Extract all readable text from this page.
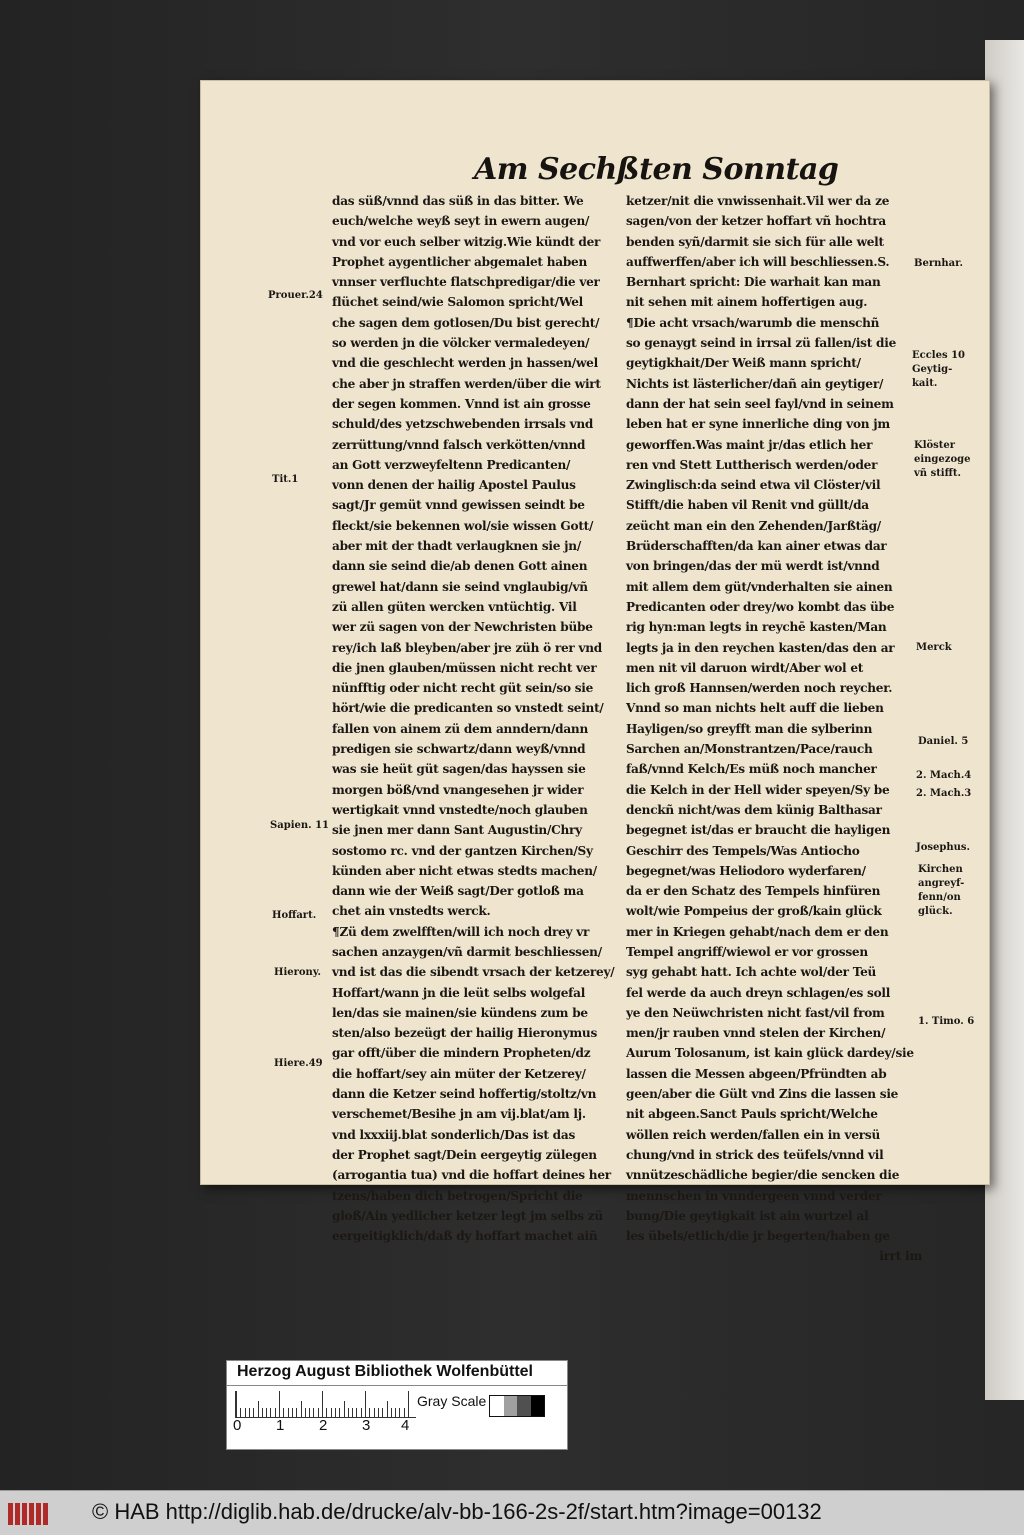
Am Sechßten Sonntag
das süß/vnnd das süß in das bitter. We
euch/welche weyß seyt in ewern augen/
vnd vor euch selber witzig.Wie kündt der
Prophet aygentlicher abgemalet haben
vnnser verfluchte flatschpredigar/die ver
flüchet seind/wie Salomon spricht/Wel
che sagen dem gotlosen/Du bist gerecht/
so werden jn die völcker vermaledeyen/
vnd die geschlecht werden jn hassen/wel
che aber jn straffen werden/über die wirt
der segen kommen. Vnnd ist ain grosse
schuld/des yetzschwebenden irrsals vnd
zerrüttung/vnnd falsch verkötten/vnnd
an Gott verzweyfeltenn Predicanten/
vonn denen der hailig Apostel Paulus
sagt/Jr gemüt vnnd gewissen seindt be
fleckt/sie bekennen wol/sie wissen Gott/
aber mit der thadt verlaugknen sie jn/
dann sie seind die/ab denen Gott ainen
grewel hat/dann sie seind vnglaubig/vñ
zü allen güten wercken vntüchtig. Vil
wer zü sagen von der Newchristen bübe
rey/ich laß bleyben/aber jre züh ö rer vnd
die jnen glauben/müssen nicht recht ver
nünfftig oder nicht recht güt sein/so sie
hört/wie die predicanten so vnstedt seint/
fallen von ainem zü dem anndern/dann
predigen sie schwartz/dann weyß/vnnd
was sie heüt güt sagen/das hayssen sie
morgen böß/vnd vnangesehen jr wider
wertigkait vnnd vnstedte/noch glauben
sie jnen mer dann Sant Augustin/Chry
sostomo rc. vnd der gantzen Kirchen/Sy
künden aber nicht etwas stedts machen/
dann wie der Weiß sagt/Der gotloß ma
chet ain vnstedts werck.
¶Zü dem zwelfften/will ich noch drey vr
sachen anzaygen/vñ darmit beschliessen/
vnd ist das die sibendt vrsach der ketzerey/
Hoffart/wann jn die leüt selbs wolgefal
len/das sie mainen/sie kündens zum be
sten/also bezeügt der hailig Hieronymus
gar offt/über die mindern Propheten/dz
die hoffart/sey ain müter der Ketzerey/
dann die Ketzer seind hoffertig/stoltz/vn
verschemet/Besihe jn am vij.blat/am lj.
vnd lxxxiij.blat sonderlich/Das ist das
der Prophet sagt/Dein eergeytig zülegen
(arrogantia tua) vnd die hoffart deines her
tzens/haben dich betrogen/Spricht die
gloß/Ain yedlicher ketzer legt jm selbs zü
eergeitigklich/daß dy hoffart machet aiñ
ketzer/nit die vnwissenhait.Vil wer da ze
sagen/von der ketzer hoffart vñ hochtra
benden syñ/darmit sie sich für alle welt
auffwerffen/aber ich will beschliessen.S.
Bernhart spricht: Die warhait kan man
nit sehen mit ainem hoffertigen aug.
¶Die acht vrsach/warumb die menschñ
so genaygt seind in irrsal zü fallen/ist die
geytigkhait/Der Weiß mann spricht/
Nichts ist lästerlicher/dañ ain geytiger/
dann der hat sein seel fayl/vnd in seinem
leben hat er syne innerliche ding von jm
geworffen.Was maint jr/das etlich her
ren vnd Stett Luttherisch werden/oder
Zwinglisch:da seind etwa vil Clöster/vil
Stifft/die haben vil Renit vnd güllt/da
zeücht man ein den Zehenden/Jarßtäg/
Brüderschafften/da kan ainer etwas dar
von bringen/das der mü werdt ist/vnnd
mit allem dem güt/vnderhalten sie ainen
Predicanten oder drey/wo kombt das übe
rig hyn:man legts in reychē kasten/Man
legts ja in den reychen kasten/das den ar
men nit vil daruon wirdt/Aber wol et
lich groß Hannsen/werden noch reycher.
Vnnd so man nichts helt auff die lieben
Hayligen/so greyfft man die sylberinn
Sarchen an/Monstrantzen/Pace/rauch
faß/vnnd Kelch/Es müß noch mancher
die Kelch in der Hell wider speyen/Sy be
denckñ nicht/was dem künig Balthasar
begegnet ist/das er braucht die hayligen
Geschirr des Tempels/Was Antiocho
begegnet/was Heliodoro wyderfaren/
da er den Schatz des Tempels hinfüren
wolt/wie Pompeius der groß/kain glück
mer in Kriegen gehabt/nach dem er den
Tempel angriff/wiewol er vor grossen
syg gehabt hatt. Ich achte wol/der Teü
fel werde da auch dreyn schlagen/es soll
ye den Neüwchristen nicht fast/vil from
men/jr rauben vnnd stelen der Kirchen/
Aurum Tolosanum, ist kain glück dardey/sie
lassen die Messen abgeen/Pfründten ab
geen/aber die Gült vnd Zins die lassen sie
nit abgeen.Sanct Pauls spricht/Welche
wöllen reich werden/fallen ein in versü
chung/vnd in strick des teüfels/vnnd vil
vnnützeschädliche begier/die sencken die
mennschen in vnndergeen vnnd verder
bung/Die geytigkait ist ain wurtzel al
les übels/etlich/die jr begerten/haben ge
irrt im
Prouer.24
Tit.1
Sapien. 11
Hoffart.
Hierony.
Hiere.49
Bernhar.
Eccles 10
Geytig-
kait.
Klöster
eingezoge
vñ stifft.
Merck
Daniel. 5
2. Mach.4
2. Mach.3
Josephus.
Kirchen
angreyf-
fenn/on
glück.
1. Timo. 6
Herzog August Bibliothek Wolfenbüttel
0 1 2 3 4
Gray Scale
© HAB http://diglib.hab.de/drucke/alv-bb-166-2s-2f/start.htm?image=00132
